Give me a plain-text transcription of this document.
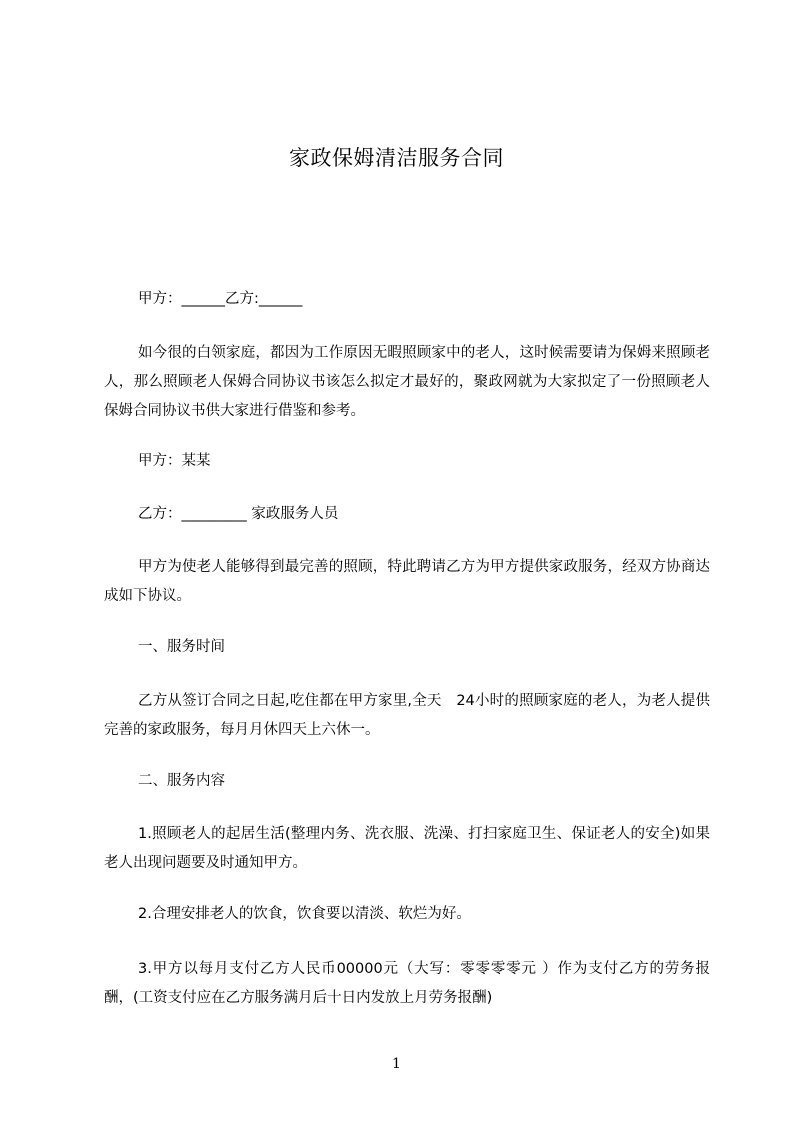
家政保姆清洁服务合同
甲方：______乙方:______
如今很的白领家庭，都因为工作原因无暇照顾家中的老人，这时候需要请为保姆来照顾老人，那么照顾老人保姆合同协议书该怎么拟定才最好的，聚政网就为大家拟定了一份照顾老人保姆合同协议书供大家进行借鉴和参考。
甲方：某某
乙方：_________ 家政服务人员
甲方为使老人能够得到最完善的照顾，特此聘请乙方为甲方提供家政服务，经双方协商达成如下协议。
一、服务时间
乙方从签订合同之日起,吃住都在甲方家里,全天　24小时的照顾家庭的老人，为老人提供完善的家政服务，每月月休四天上六休一。
二、服务内容
1.照顾老人的起居生活(整理内务、洗衣服、洗澡、打扫家庭卫生、保证老人的安全)如果老人出现问题要及时通知甲方。
2.合理安排老人的饮食，饮食要以清淡、软烂为好。
3.甲方以每月支付乙方人民币00000元（大写：零零零零元 ）作为支付乙方的劳务报酬，(工资支付应在乙方服务满月后十日内发放上月劳务报酬)
1
